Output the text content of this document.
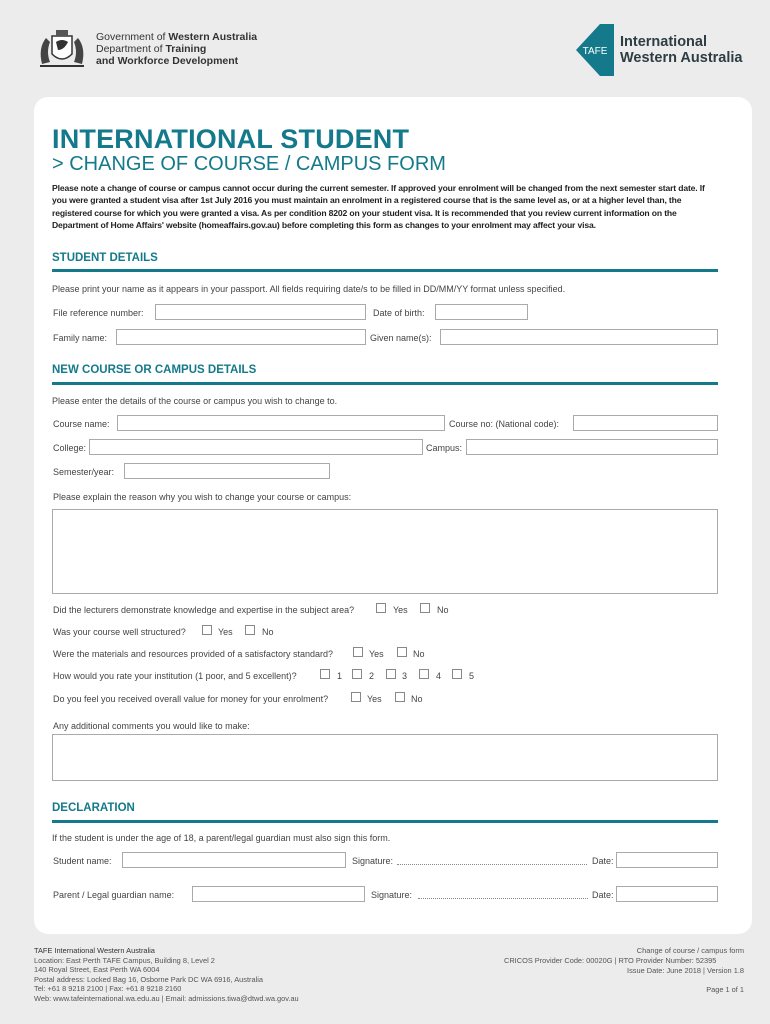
Government of Western Australia
Department of Training
and Workforce Development
TAFE
International
Western Australia
INTERNATIONAL STUDENT
> CHANGE OF COURSE / CAMPUS FORM
Please note a change of course or campus cannot occur during the current semester. If approved your enrolment will be changed from the next semester start date. If you were granted a student visa after 1st July 2016 you must maintain an enrolment in a registered course that is the same level as, or at a higher level than, the registered course for which you were granted a visa. As per condition 8202 on your student visa. It is recommended that you review current information on the Department of Home Affairs' website (homeaffairs.gov.au) before completing this form as changes to your enrolment may affect your visa.
STUDENT DETAILS
Please print your name as it appears in your passport. All fields requiring date/s to be filled in DD/MM/YY format unless specified.
File reference number:	Date of birth:
Family name:	Given name(s):
NEW COURSE OR CAMPUS DETAILS
Please enter the details of the course or campus you wish to change to.
Course name:	Course no: (National code):
College:	Campus:
Semester/year:
Please explain the reason why you wish to change your course or campus:
Did the lecturers demonstrate knowledge and expertise in the subject area?	Yes	No
Was your course well structured?	Yes	No
Were the materials and resources provided of a satisfactory standard?	Yes	No
How would you rate your institution (1 poor, and 5 excellent)?	1	2	3	4	5
Do you feel you received overall value for money for your enrolment?	Yes	No
Any additional comments you would like to make:
DECLARATION
If the student is under the age of 18, a parent/legal guardian must also sign this form.
Student name:	Signature:	Date:
Parent / Legal guardian name:	Signature:	Date:
TAFE International Western Australia
Location: East Perth TAFE Campus, Building 8, Level 2
140 Royal Street, East Perth WA 6004
Postal address: Locked Bag 16, Osborne Park DC WA 6916, Australia
Tel: +61 8 9218 2100 | Fax: +61 8 9218 2160
Web: www.tafeinternational.wa.edu.au | Email: admissions.tiwa@dtwd.wa.gov.au
CRICOS Provider Code: 00020G | RTO Provider Number: 52395
Change of course / campus form
Issue Date: June 2018 | Version 1.8
Page 1 of 1
